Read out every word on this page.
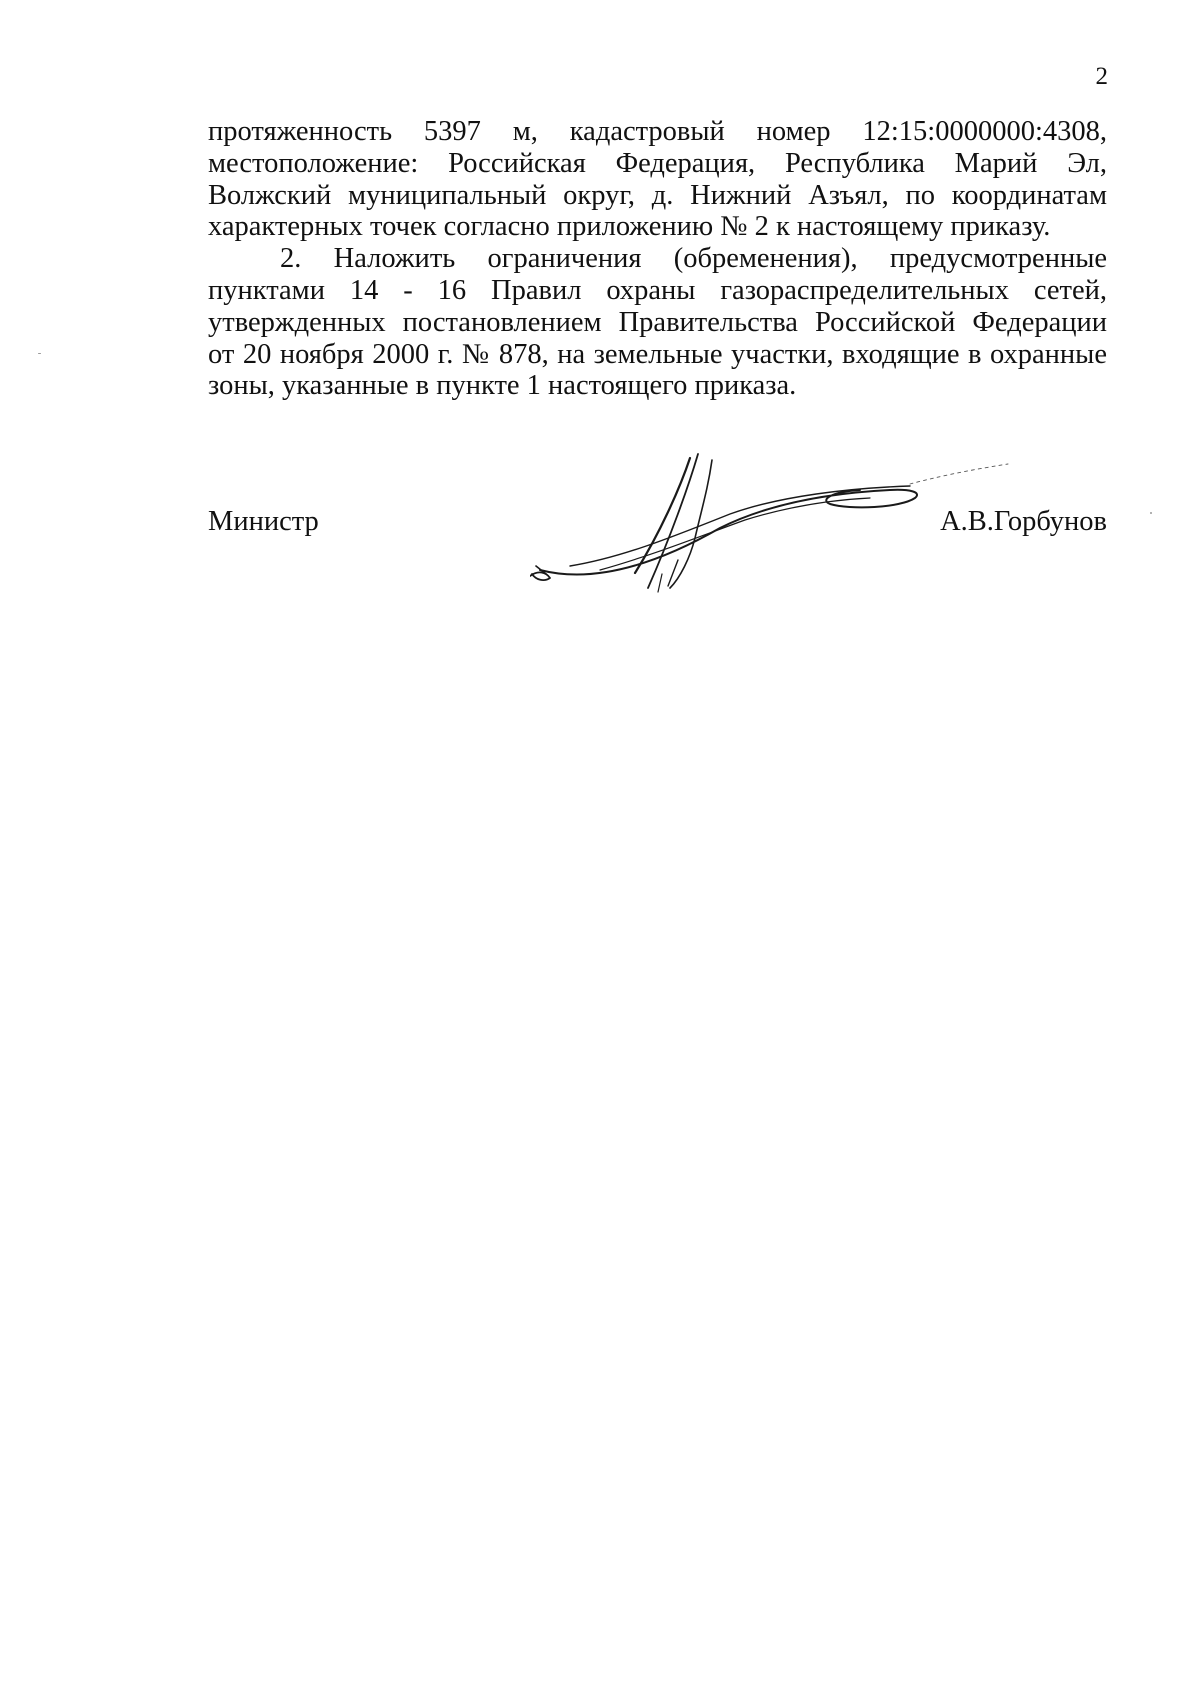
2
протяженность 5397 м, кадастровый номер 12:15:0000000:4308,
местоположение: Российская Федерация, Республика Марий Эл,
Волжский муниципальный округ, д. Нижний Азъял, по координатам
характерных точек согласно приложению № 2 к настоящему приказу.
2. Наложить ограничения (обременения), предусмотренные
пунктами 14 - 16 Правил охраны газораспределительных сетей,
утвержденных постановлением Правительства Российской Федерации
от 20 ноября 2000 г. № 878, на земельные участки, входящие в охранные
зоны, указанные в пункте 1 настоящего приказа.
Министр	А.В.Горбунов
